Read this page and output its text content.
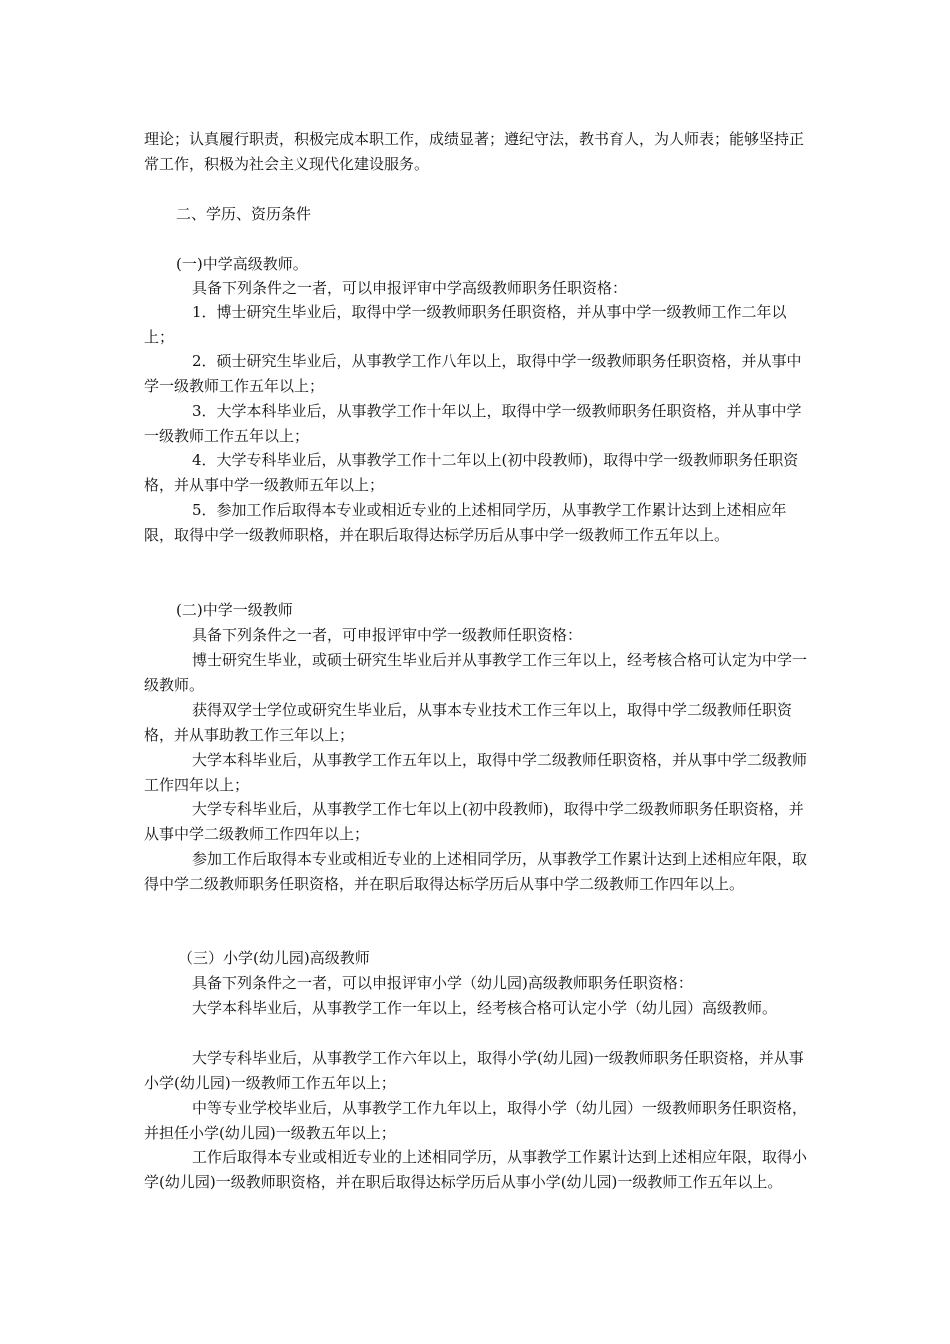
理论；认真履行职责，积极完成本职工作，成绩显著；遵纪守法，教书育人，为人师表；能够坚持正常工作，积极为社会主义现代化建设服务。

二、学历、资历条件

(一)中学高级教师。

具备下列条件之一者，可以申报评审中学高级教师职务任职资格：

1．博士研究生毕业后，取得中学一级教师职务任职资格，并从事中学一级教师工作二年以上；

2．硕士研究生毕业后，从事教学工作八年以上，取得中学一级教师职务任职资格，并从事中学一级教师工作五年以上；

3．大学本科毕业后，从事教学工作十年以上，取得中学一级教师职务任职资格，并从事中学一级教师工作五年以上；

4．大学专科毕业后，从事教学工作十二年以上(初中段教师)，取得中学一级教师职务任职资格，并从事中学一级教师五年以上；

5．参加工作后取得本专业或相近专业的上述相同学历，从事教学工作累计达到上述相应年限，取得中学一级教师职格，并在职后取得达标学历后从事中学一级教师工作五年以上。

(二)中学一级教师

具备下列条件之一者，可申报评审中学一级教师任职资格：

博士研究生毕业，或硕士研究生毕业后并从事教学工作三年以上，经考核合格可认定为中学一级教师。

获得双学士学位或研究生毕业后，从事本专业技术工作三年以上，取得中学二级教师任职资格，并从事助教工作三年以上；

大学本科毕业后，从事教学工作五年以上，取得中学二级教师任职资格，并从事中学二级教师工作四年以上；

大学专科毕业后，从事教学工作七年以上(初中段教师)，取得中学二级教师职务任职资格，并从事中学二级教师工作四年以上；

参加工作后取得本专业或相近专业的上述相同学历，从事教学工作累计达到上述相应年限，取得中学二级教师职务任职资格，并在职后取得达标学历后从事中学二级教师工作四年以上。

（三）小学(幼儿园)高级教师

具备下列条件之一者，可以申报评审小学（幼儿园)高级教师职务任职资格：

大学本科毕业后，从事教学工作一年以上，经考核合格可认定小学（幼儿园）高级教师。

大学专科毕业后，从事教学工作六年以上，取得小学(幼儿园)一级教师职务任职资格，并从事小学(幼儿园)一级教师工作五年以上；

中等专业学校毕业后，从事教学工作九年以上，取得小学（幼儿园）一级教师职务任职资格，并担任小学(幼儿园)一级教五年以上；

工作后取得本专业或相近专业的上述相同学历，从事教学工作累计达到上述相应年限，取得小学(幼儿园)一级教师职资格，并在职后取得达标学历后从事小学(幼儿园)一级教师工作五年以上。
